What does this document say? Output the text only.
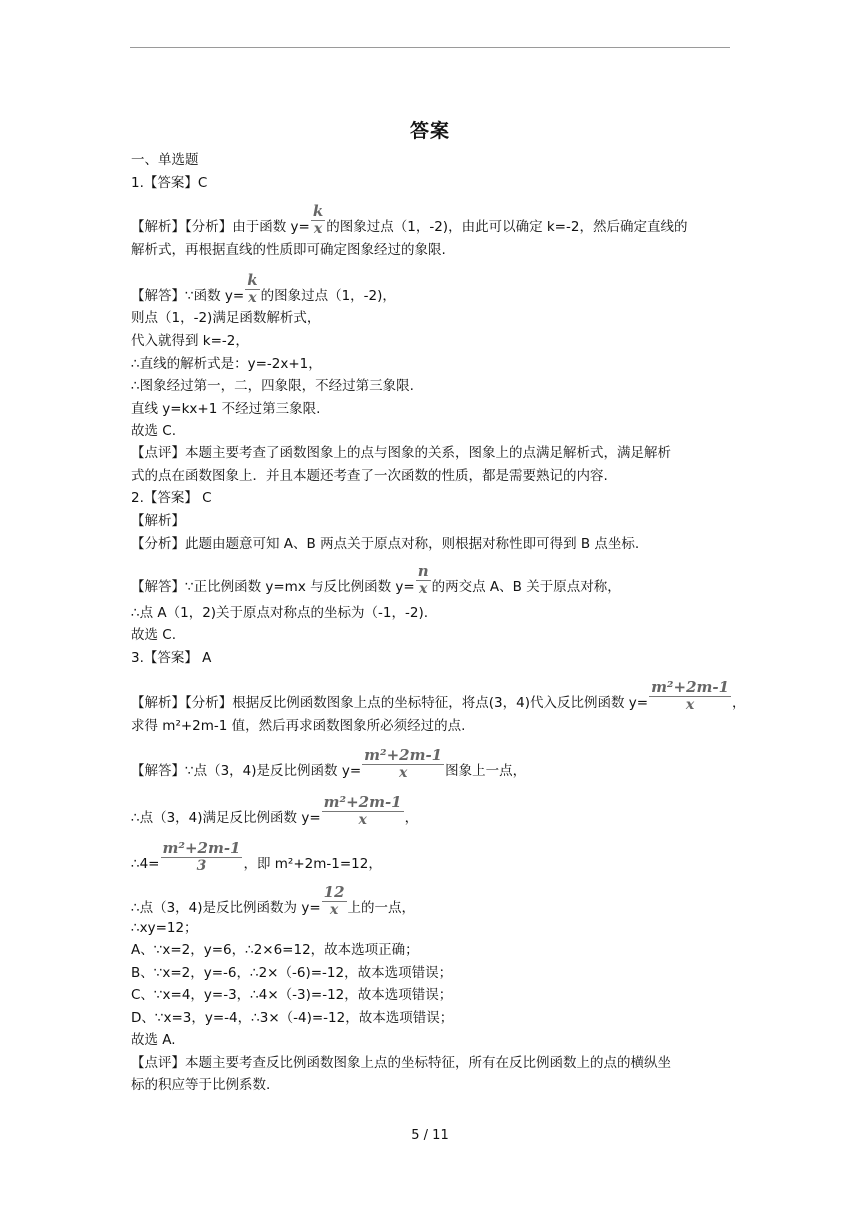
答案
一、单选题
1.【答案】C
【解析】【分析】由于函数 $y= \frac{k}{x}$ 的图象过点（1，-2)，由此可以确定 k=-2，然后确定直线的
解析式，再根据直线的性质即可确定图象经过的象限.
【解答】∵函数 $y= \frac{k}{x}$ 的图象过点（1，-2)，
则点（1，-2)满足函数解析式，
代入就得到 k=-2，
∴直线的解析式是：y=-2x+1，
∴图象经过第一，二，四象限，不经过第三象限.
直线 y=kx+1 不经过第三象限.
故选 C.
【点评】本题主要考查了函数图象上的点与图象的关系，图象上的点满足解析式，满足解析
式的点在函数图象上．并且本题还考查了一次函数的性质，都是需要熟记的内容.
2.【答案】 C
【解析】
【分析】此题由题意可知 A、B 两点关于原点对称，则根据对称性即可得到 B 点坐标.
【解答】∵正比例函数 y=mx 与反比例函数 $y= \frac{n}{x}$ 的两交点 A、B 关于原点对称，
∴点 A（1，2)关于原点对称点的坐标为（-1，-2).
故选 C.
3.【答案】 A
【解析】【分析】根据反比例函数图象上点的坐标特征，将点(3，4)代入反比例函数 $y= \frac{\text{m²+2m-1}}{x}$ ，
求得 m²+2m-1 值，然后再求函数图象所必须经过的点.
【解答】∵点（3，4)是反比例函数 $y= \frac{\text{m²+2m-1}}{x}$ 图象上一点，
∴点（3，4)满足反比例函数 $y= \frac{\text{m²+2m-1}}{x}$ ，
∴4= $\frac{\text{m²+2m-1}}{3}$ ，即 m²+2m-1=12，
∴点（3，4)是反比例函数为 $y= \frac{12}{x}$ 上的一点，
∴xy=12；
A、∵x=2，y=6，∴2×6=12，故本选项正确；
B、∵x=2，y=-6，∴2×（-6)=-12，故本选项错误；
C、∵x=4，y=-3，∴4×（-3)=-12，故本选项错误；
D、∵x=3，y=-4，∴3×（-4)=-12，故本选项错误；
故选 A.
【点评】本题主要考查反比例函数图象上点的坐标特征，所有在反比例函数上的点的横纵坐
标的积应等于比例系数.
5 / 11
